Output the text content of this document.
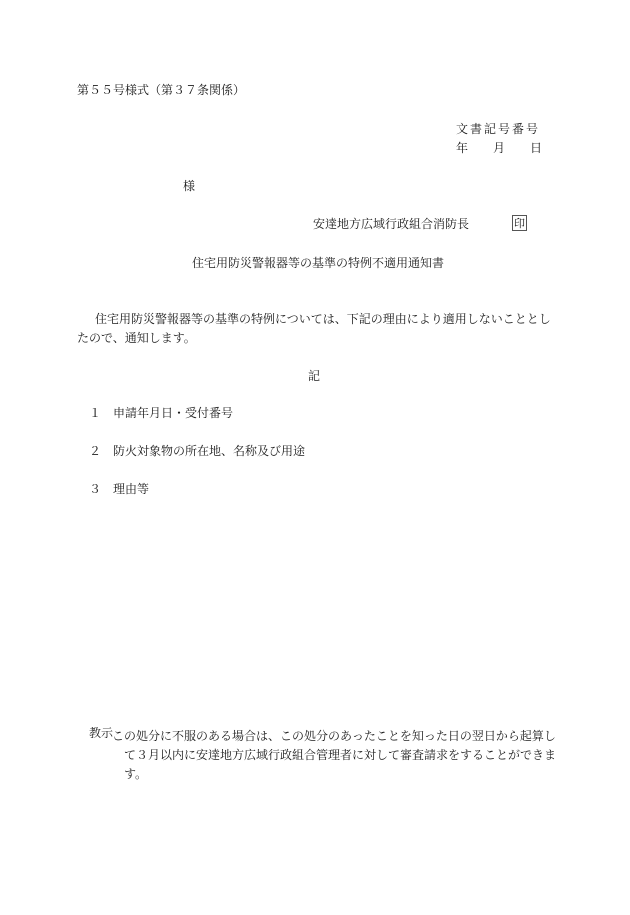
第５５号様式（第３７条関係）
文書記号番号
年 月 日
様
安達地方広域行政組合消防長	印
住宅用防災警報器等の基準の特例不適用通知書
住宅用防災警報器等の基準の特例については、下記の理由により適用しないこととしたので、通知します。
記
１ 申請年月日・受付番号
２ 防火対象物の所在地、名称及び用途
３ 理由等
教示
この処分に不服のある場合は、この処分のあったことを知った日の翌日から起算して３月以内に安達地方広域行政組合管理者に対して審査請求をすることができます。
